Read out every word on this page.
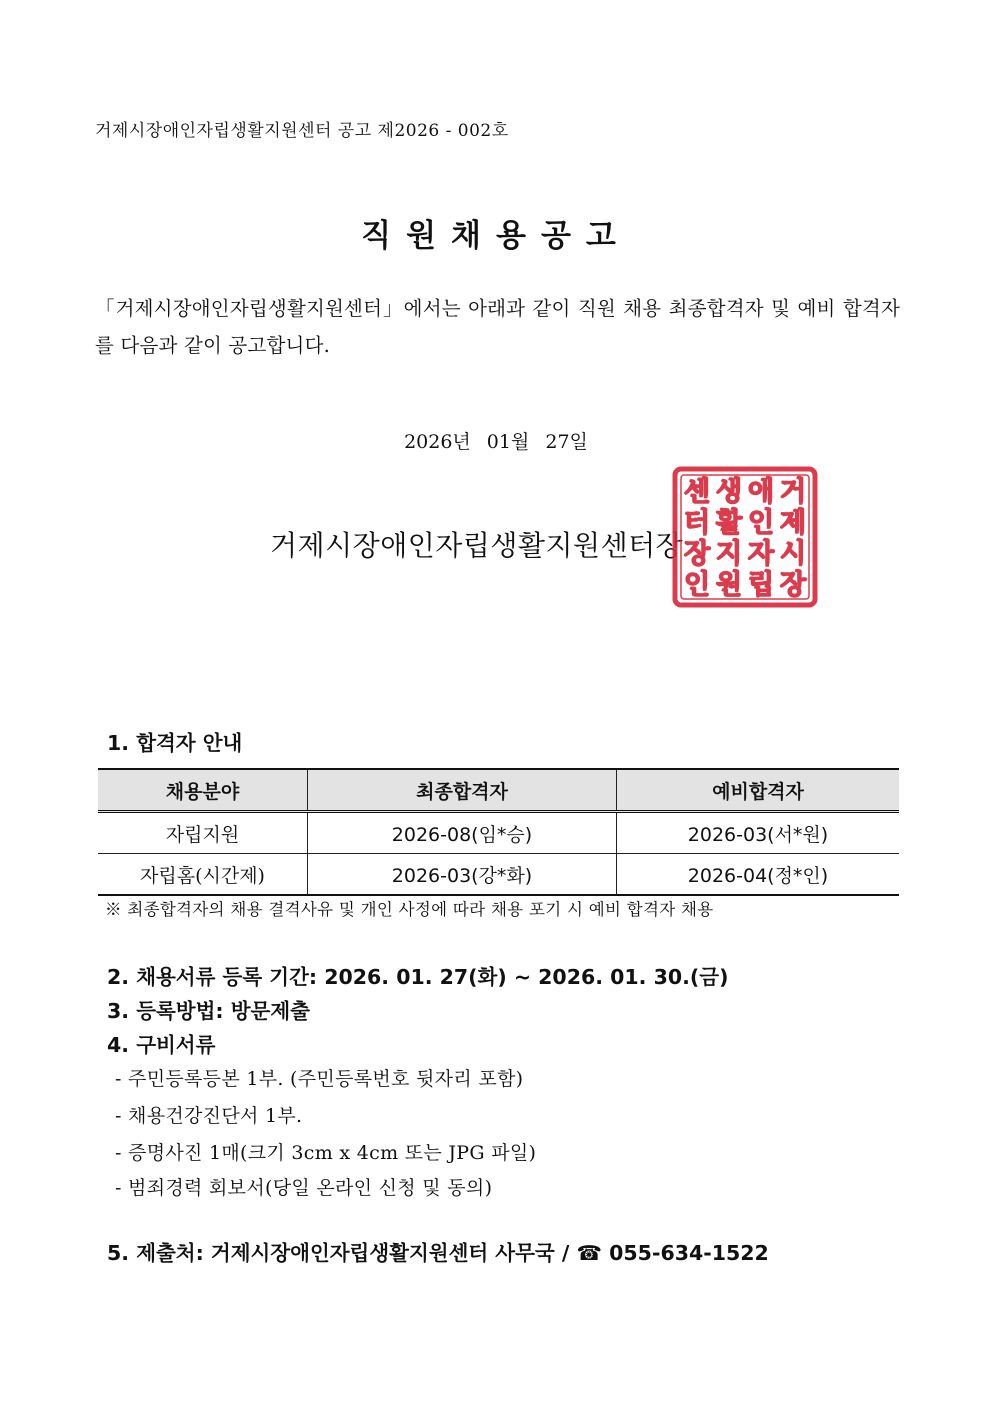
거제시장애인자립생활지원센터 공고 제2026 - 002호
직원채용공고
「거제시장애인자립생활지원센터」에서는 아래과 같이 직원 채용 최종합격자 및 예비 합격자를 다음과 같이 공고합니다.
2026년 01월 27일
거제시장애인자립생활지원센터장
거
제
시
장
애
인
자
립
생
활
지
원
센
터
장
인
1. 합격자 안내
채용분야	최종합격자	예비합격자
자립지원	2026-08(임*승)	2026-03(서*원)
자립홈(시간제)	2026-03(강*화)	2026-04(정*인)
※ 최종합격자의 채용 결격사유 및 개인 사정에 따라 채용 포기 시 예비 합격자 채용
2. 채용서류 등록 기간: 2026. 01. 27(화) ~ 2026. 01. 30.(금)
3. 등록방법: 방문제출
4. 구비서류
- 주민등록등본 1부. (주민등록번호 뒷자리 포함)
- 채용건강진단서 1부.
- 증명사진 1매(크기 3cm x 4cm 또는 JPG 파일)
- 범죄경력 회보서(당일 온라인 신청 및 동의)
5. 제출처: 거제시장애인자립생활지원센터 사무국 / ☎ 055-634-1522
